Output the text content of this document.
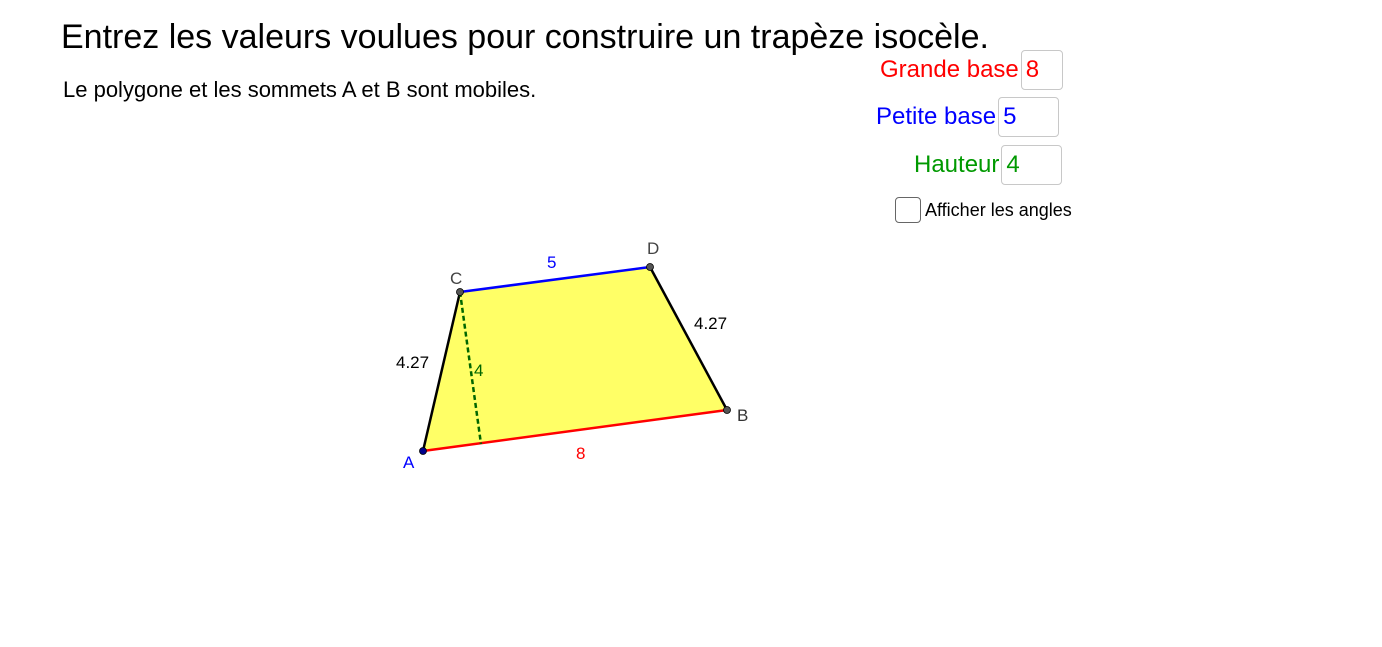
Entrez les valeurs voulues pour construire un trapèze isocèle.
Le polygone et les sommets A et B sont mobiles.
Grande base 8
Petite base 5
Hauteur 4
Afficher les angles
A
B
C
D
8
5
4.27
4.27
4
